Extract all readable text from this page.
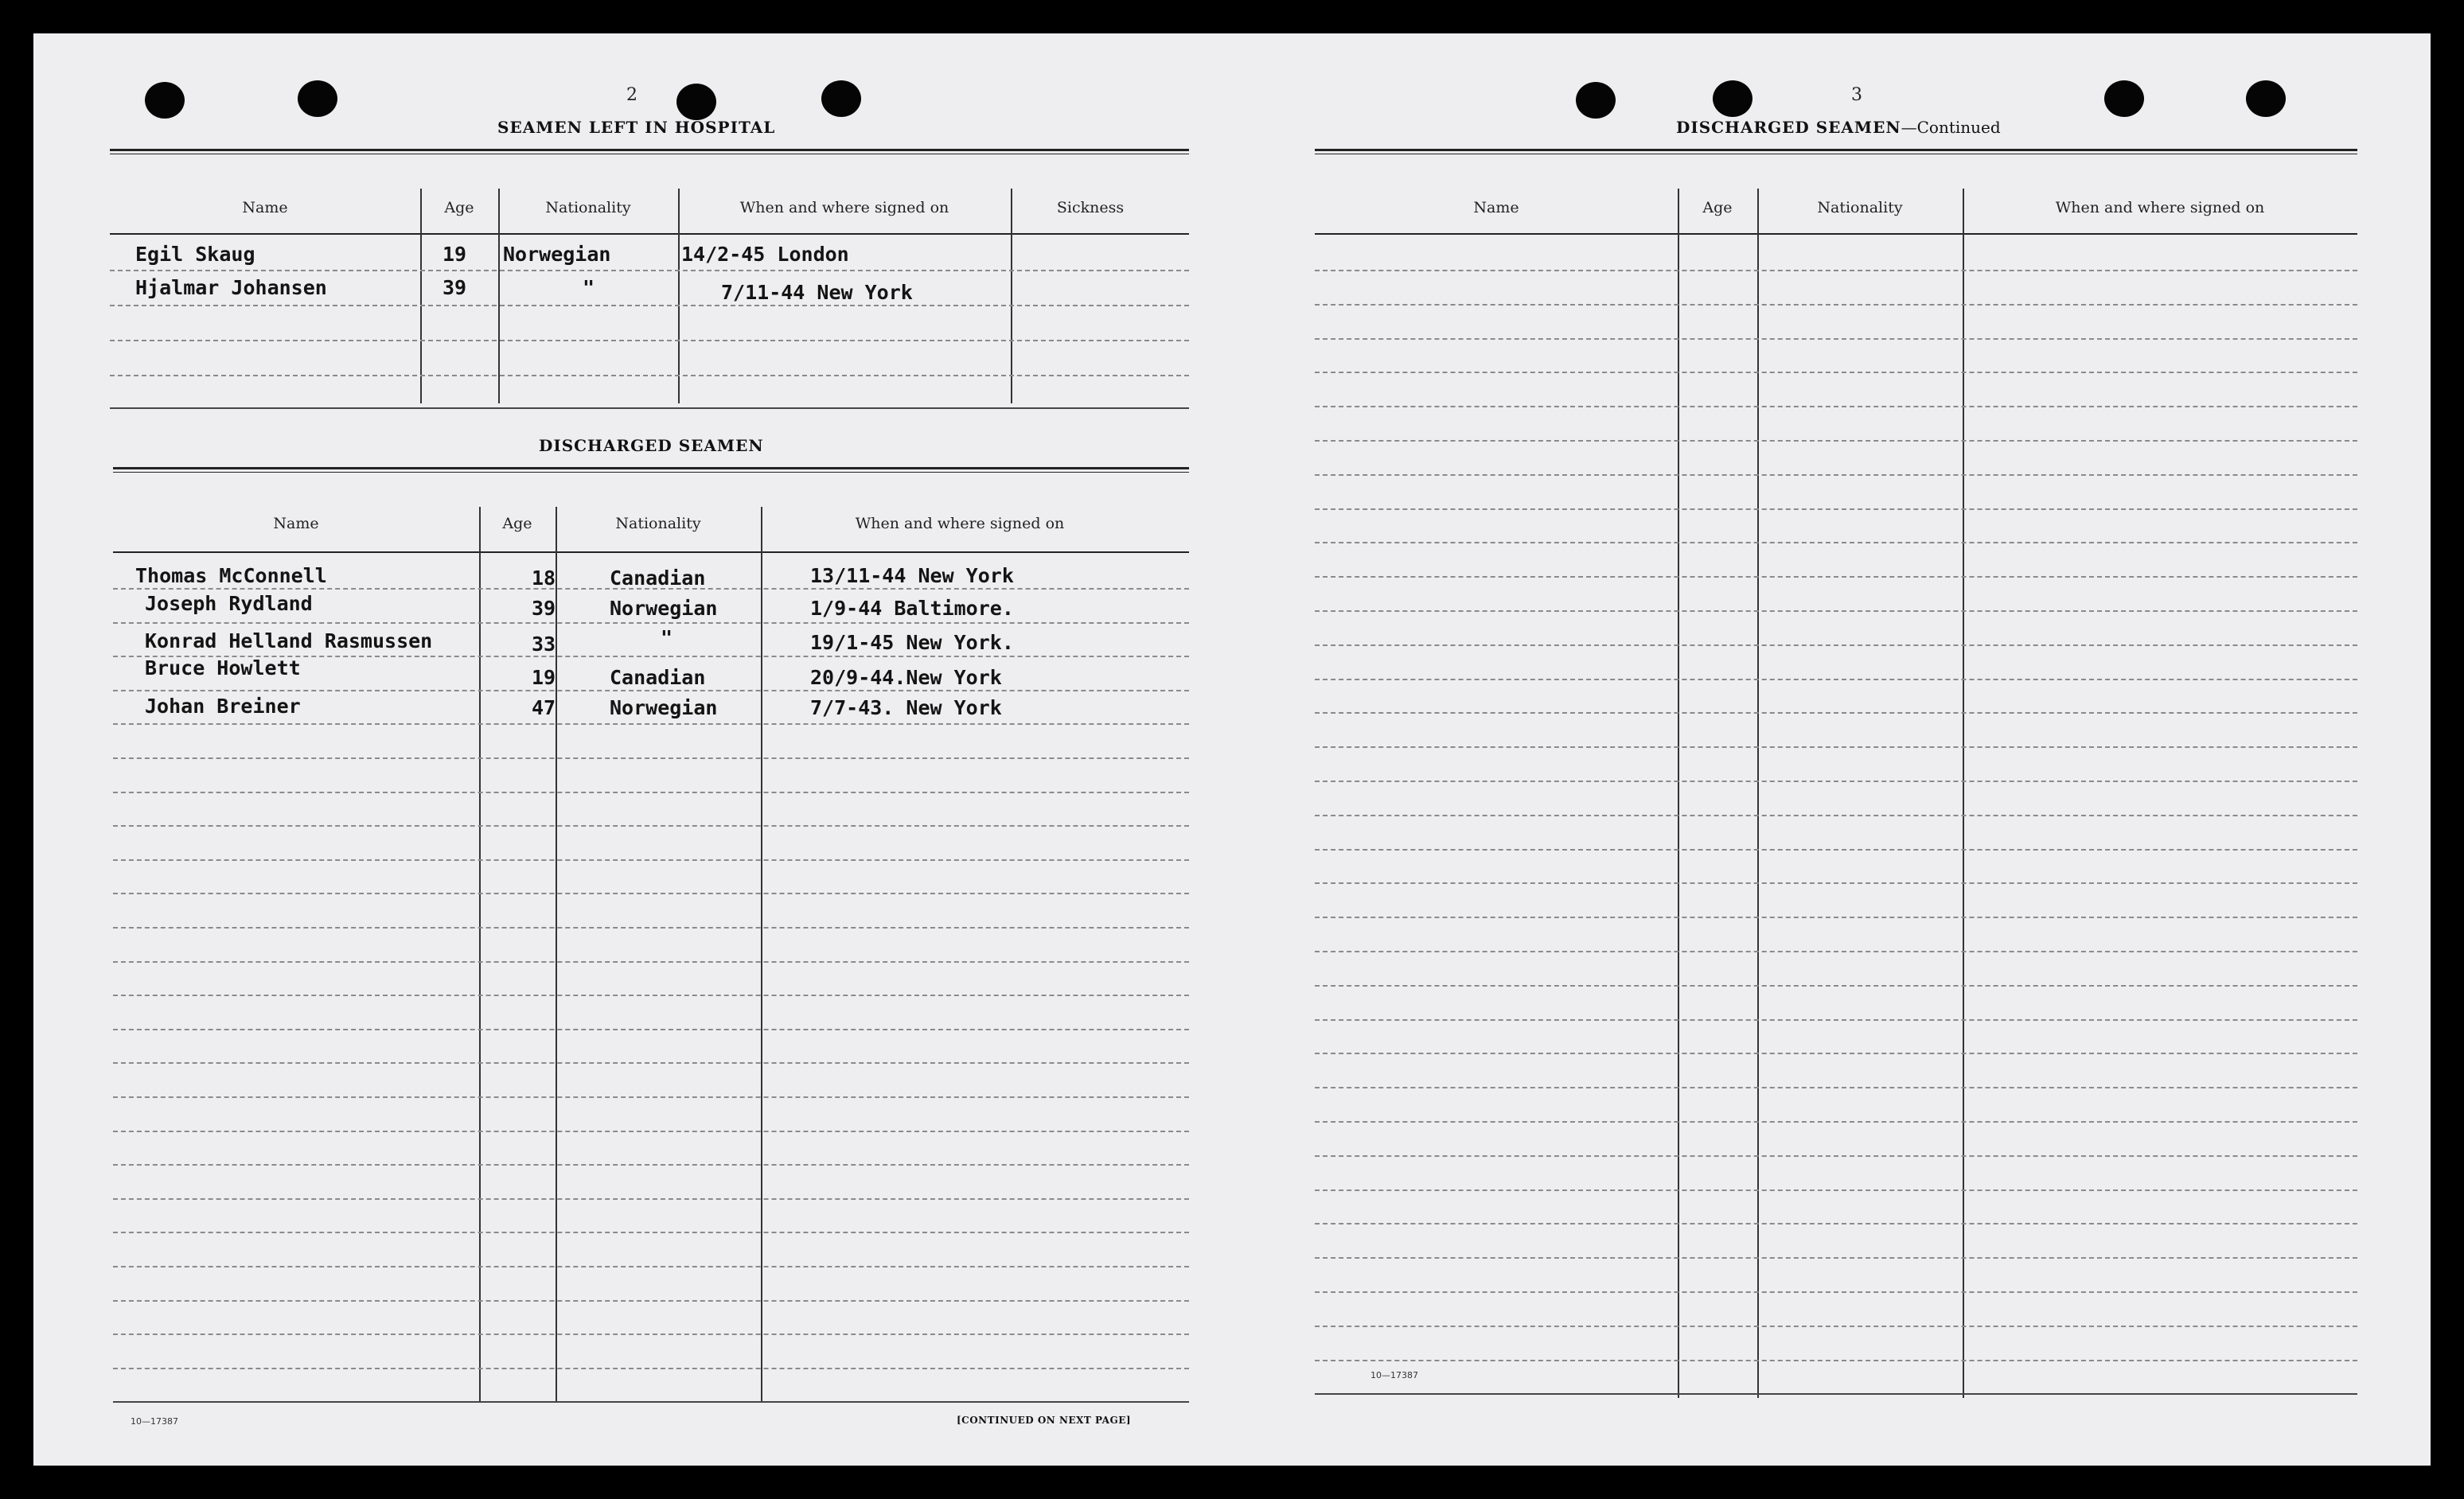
2
SEAMEN LEFT IN HOSPITAL
Name	Age	Nationality	When and where signed on	Sickness
Egil Skaug	19 Norwegian	14/2-45 London
Hjalmar Johansen	39	"	7/11-44 New York
DISCHARGED SEAMEN
Name	Age	Nationality	When and where signed on
Thomas McConnell	18	Canadian	13/11-44 New York
Joseph Rydland	39	Norwegian	1/9-44 Baltimore.
Konrad Helland Rasmussen	33	"	19/1-45 New York.
Bruce Howlett	19	Canadian	20/9-44.New York
Johan Breiner	47	Norwegian	7/7-43. New York
10—17387	[CONTINUED ON NEXT PAGE]
3
DISCHARGED SEAMEN—Continued
Name	Age	Nationality	When and where signed on
10—17387
